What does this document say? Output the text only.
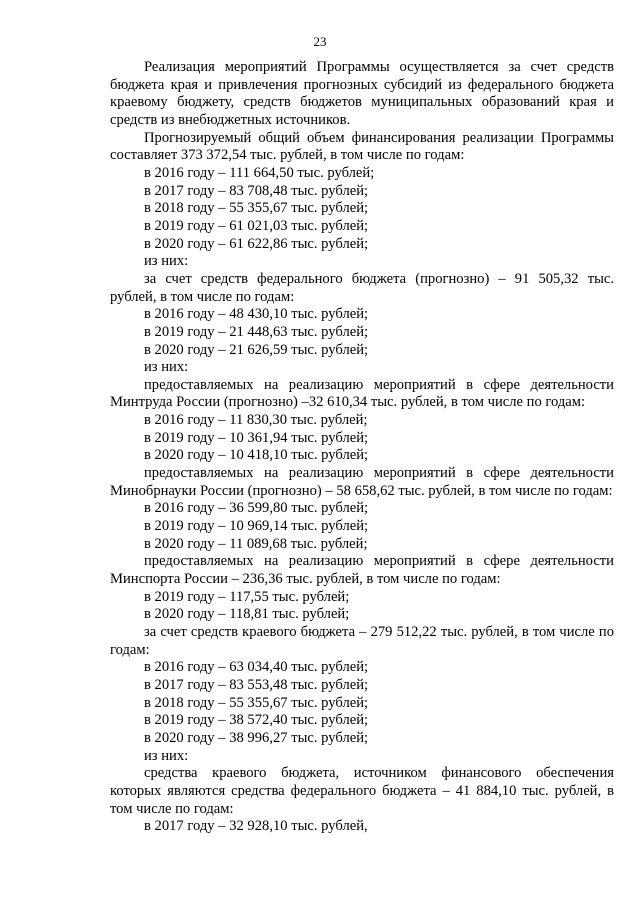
23

Реализация мероприятий Программы осуществляется за счет средств бюджета края и привлечения прогнозных субсидий из федерального бюджета краевому бюджету, средств бюджетов муниципальных образований края и средств из внебюджетных источников.

Прогнозируемый общий объем финансирования реализации Программы составляет 373 372,54 тыс. рублей, в том числе по годам:

в 2016 году – 111 664,50 тыс. рублей;

в 2017 году – 83 708,48 тыс. рублей;

в 2018 году – 55 355,67 тыс. рублей;

в 2019 году – 61 021,03 тыс. рублей;

в 2020 году – 61 622,86 тыс. рублей;

из них:

за счет средств федерального бюджета (прогнозно) – 91 505,32 тыс. рублей, в том числе по годам:

в 2016 году – 48 430,10 тыс. рублей;

в 2019 году – 21 448,63 тыс. рублей;

в 2020 году – 21 626,59 тыс. рублей;

из них:

предоставляемых на реализацию мероприятий в сфере деятельности Минтруда России (прогнозно) –32 610,34 тыс. рублей, в том числе по годам:

в 2016 году – 11 830,30 тыс. рублей;

в 2019 году – 10 361,94 тыс. рублей;

в 2020 году – 10 418,10 тыс. рублей;

предоставляемых на реализацию мероприятий в сфере деятельности Минобрнауки России (прогнозно) – 58 658,62 тыс. рублей, в том числе по годам:

в 2016 году – 36 599,80 тыс. рублей;

в 2019 году – 10 969,14 тыс. рублей;

в 2020 году – 11 089,68 тыс. рублей;

предоставляемых на реализацию мероприятий в сфере деятельности Минспорта России – 236,36 тыс. рублей, в том числе по годам:

в 2019 году – 117,55 тыс. рублей;

в 2020 году – 118,81 тыс. рублей;

за счет средств краевого бюджета – 279 512,22 тыс. рублей, в том числе по годам:

в 2016 году – 63 034,40 тыс. рублей;

в 2017 году – 83 553,48 тыс. рублей;

в 2018 году – 55 355,67 тыс. рублей;

в 2019 году – 38 572,40 тыс. рублей;

в 2020 году – 38 996,27 тыс. рублей;

из них:

средства краевого бюджета, источником финансового обеспечения которых являются средства федерального бюджета – 41 884,10 тыс. рублей, в том числе по годам:

в 2017 году – 32 928,10 тыс. рублей,
